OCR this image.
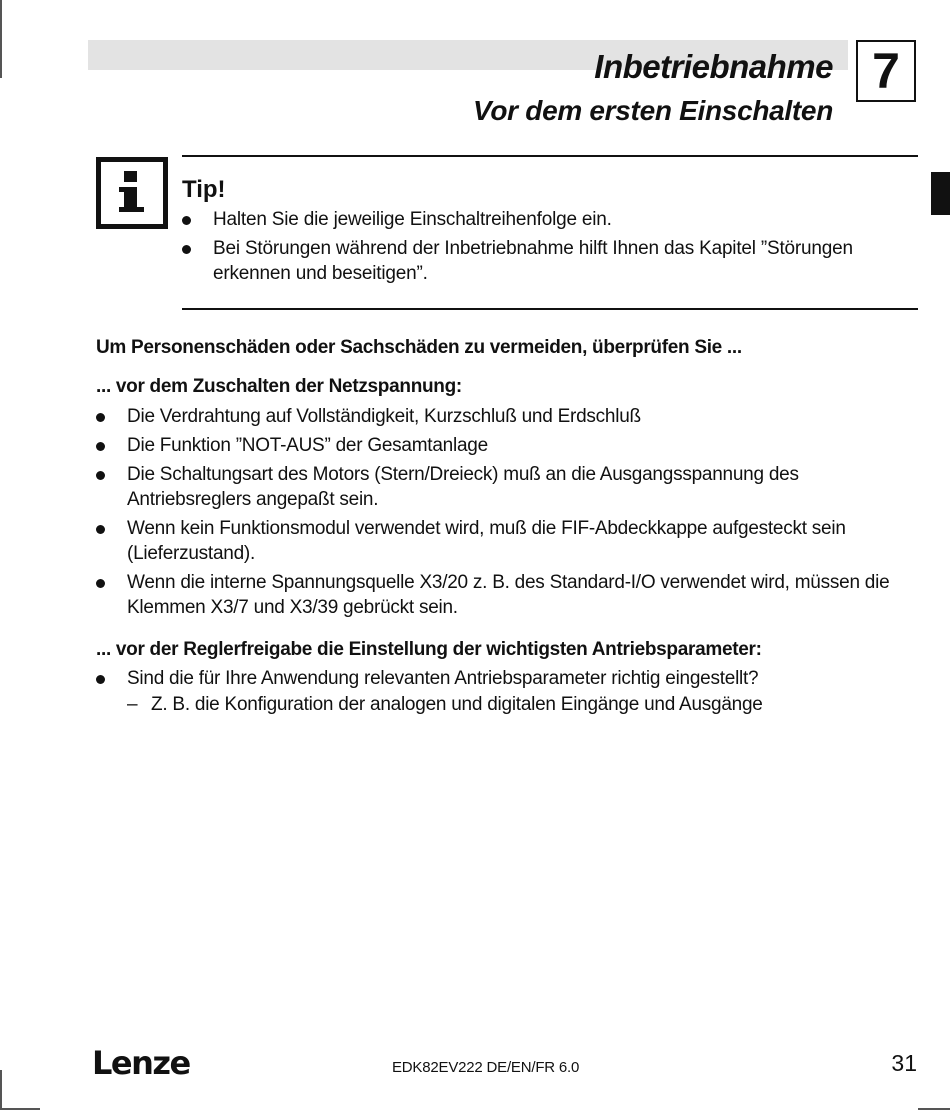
Inbetriebnahme
Vor dem ersten Einschalten
7
Tip!
Halten Sie die jeweilige Einschaltreihenfolge ein.
Bei Störungen während der Inbetriebnahme hilft Ihnen das Kapitel ”Störungen erkennen und beseitigen”.
Um Personenschäden oder Sachschäden zu vermeiden, überprüfen Sie ...
... vor dem Zuschalten der Netzspannung:
Die Verdrahtung auf Vollständigkeit, Kurzschluß und Erdschluß
Die Funktion ”NOT-AUS” der Gesamtanlage
Die Schaltungsart des Motors (Stern/Dreieck) muß an die Ausgangsspannung des Antriebsreglers angepaßt sein.
Wenn kein Funktionsmodul verwendet wird, muß die FIF-Abdeckkappe aufgesteckt sein (Lieferzustand).
Wenn die interne Spannungsquelle X3/20 z. B. des Standard-I/O verwendet wird, müssen die Klemmen X3/7 und X3/39 gebrückt sein.
... vor der Reglerfreigabe die Einstellung der wichtigsten Antriebsparameter:
Sind die für Ihre Anwendung relevanten Antriebsparameter richtig eingestellt?
– Z. B. die Konfiguration der analogen und digitalen Eingänge und Ausgänge
Lenze	EDK82EV222 DE/EN/FR 6.0	31
